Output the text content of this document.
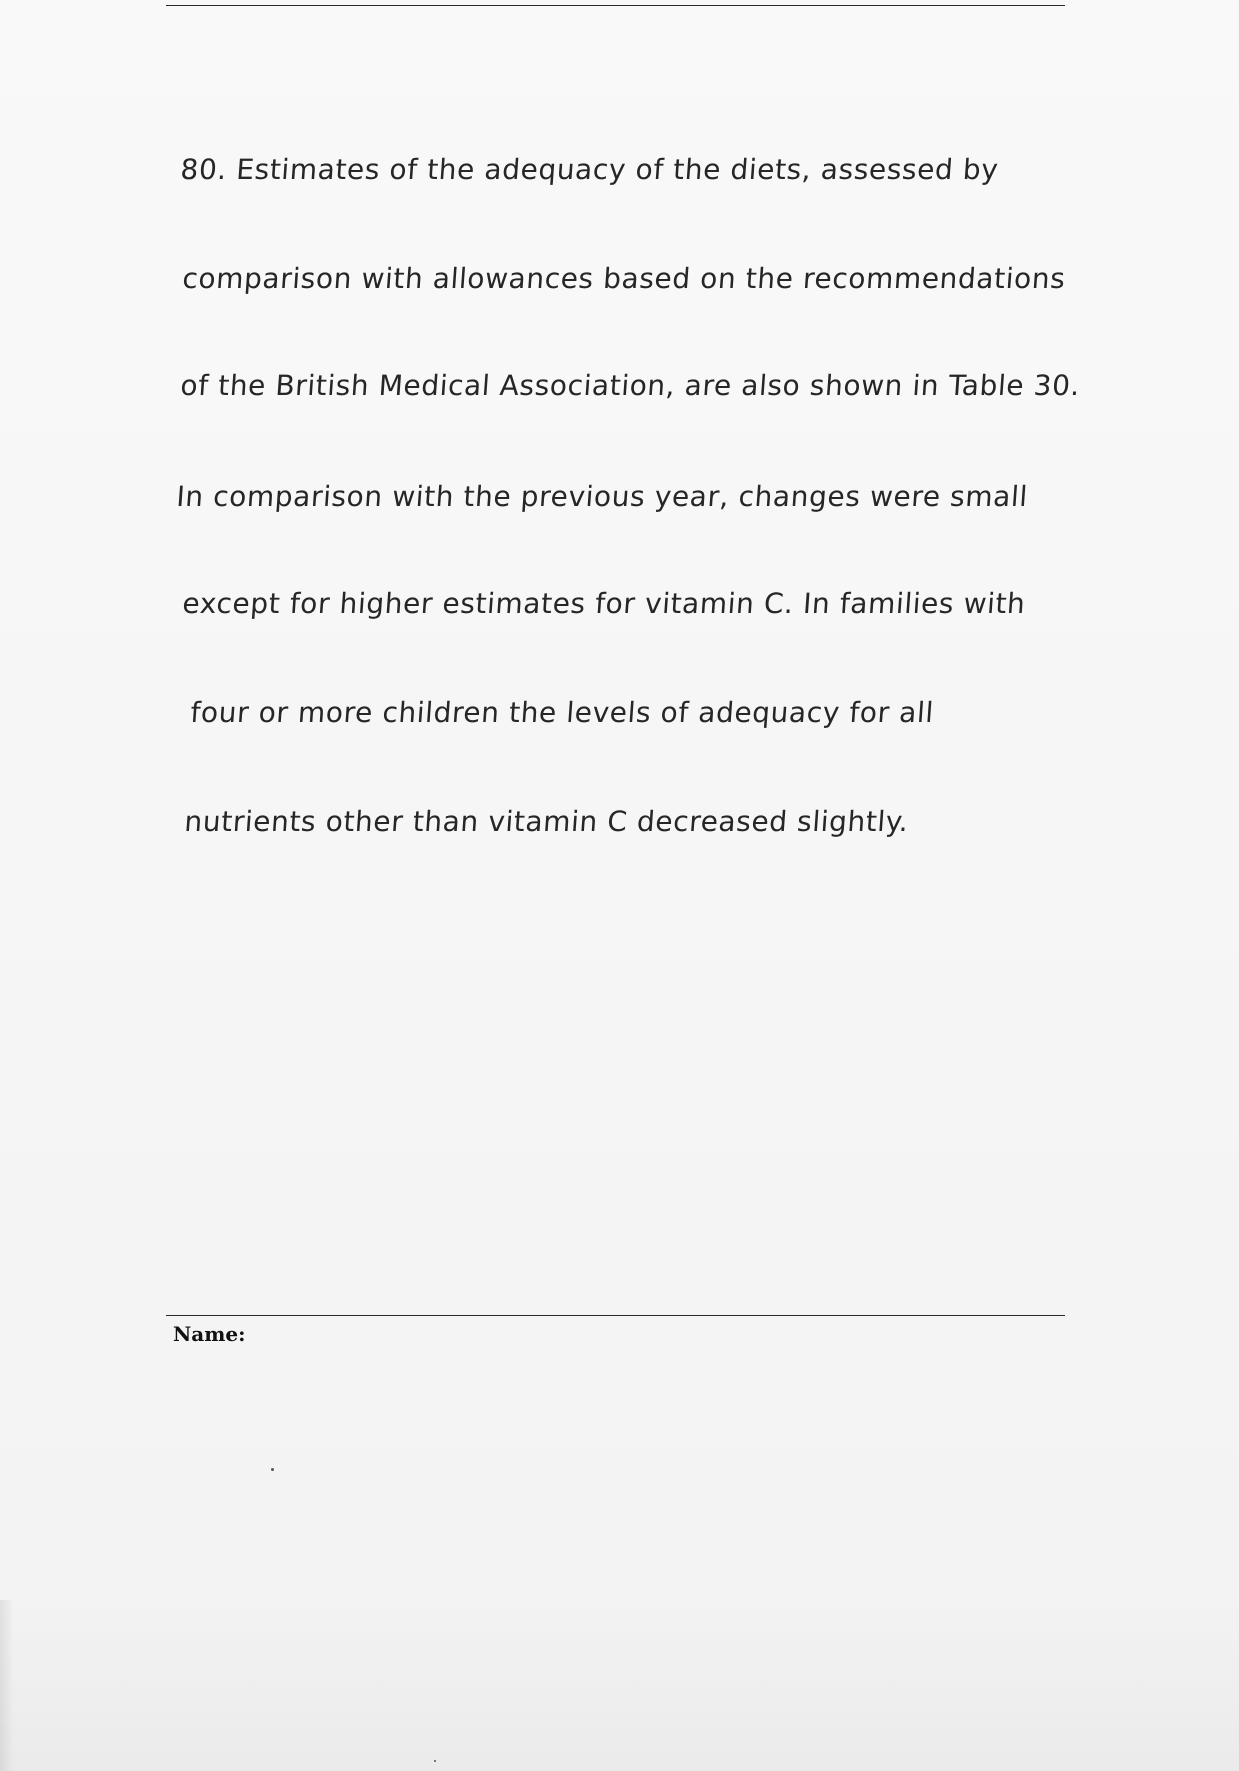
80. Estimates of the adequacy of the diets, assessed by
comparison with allowances based on the recommendations
of the British Medical Association, are also shown in Table 30.
In comparison with the previous year, changes were small
except for higher estimates for vitamin C. In families with
four or more children the levels of adequacy for all
nutrients other than vitamin C decreased slightly.
Name:
